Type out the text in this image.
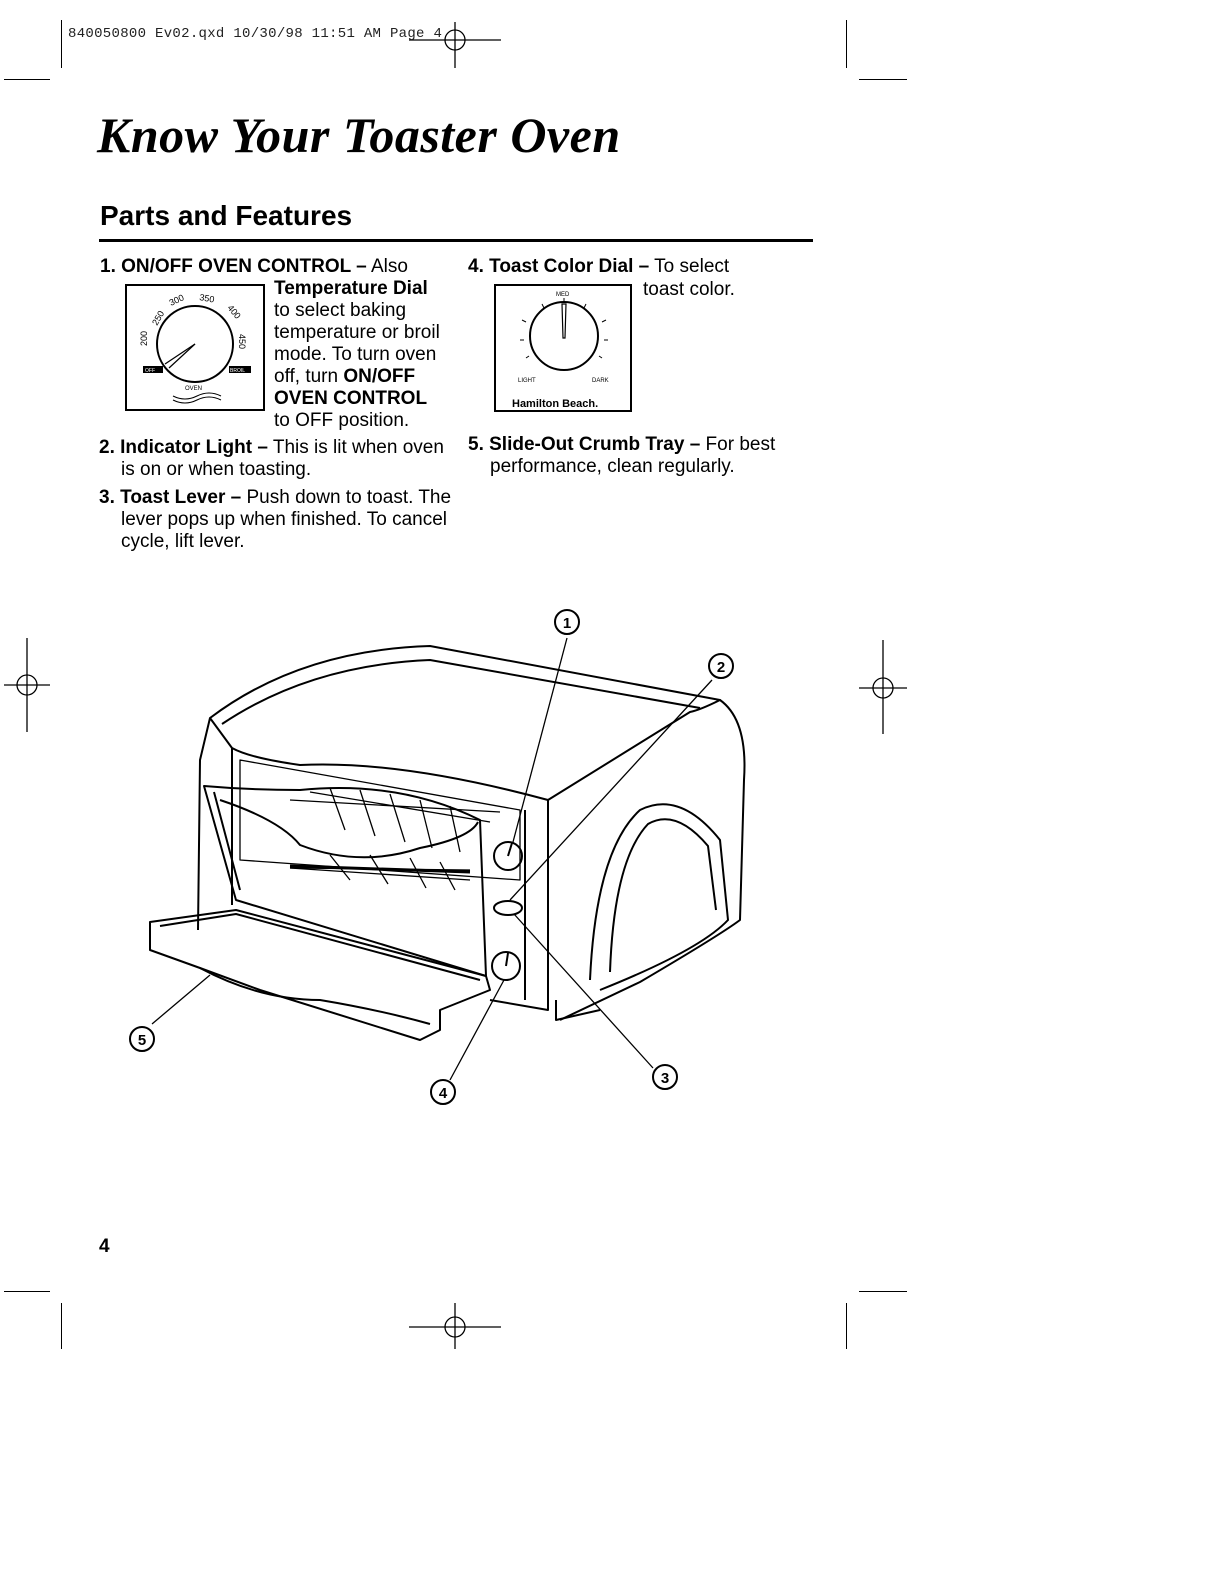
840050800 Ev02.qxd 10/30/98 11:51 AM Page 4
Know Your Toaster Oven
Parts and Features
1. ON/OFF OVEN CONTROL – Also
Temperature Dial
to select baking
temperature or broil
mode. To turn oven
off, turn ON/OFF
OVEN CONTROL
to OFF position.
200
250
300 350
400
450
OFF	BROIL
OVEN
2. Indicator Light – This is lit when oven is on or when toasting.
3. Toast Lever – Push down to toast. The lever pops up when finished. To cancel cycle, lift lever.
4. Toast Color Dial – To select
toast color.
MED
LIGHT	DARK
Hamilton Beach.
5. Slide-Out Crumb Tray – For best performance, clean regularly.
1
2
3
4
5
4
